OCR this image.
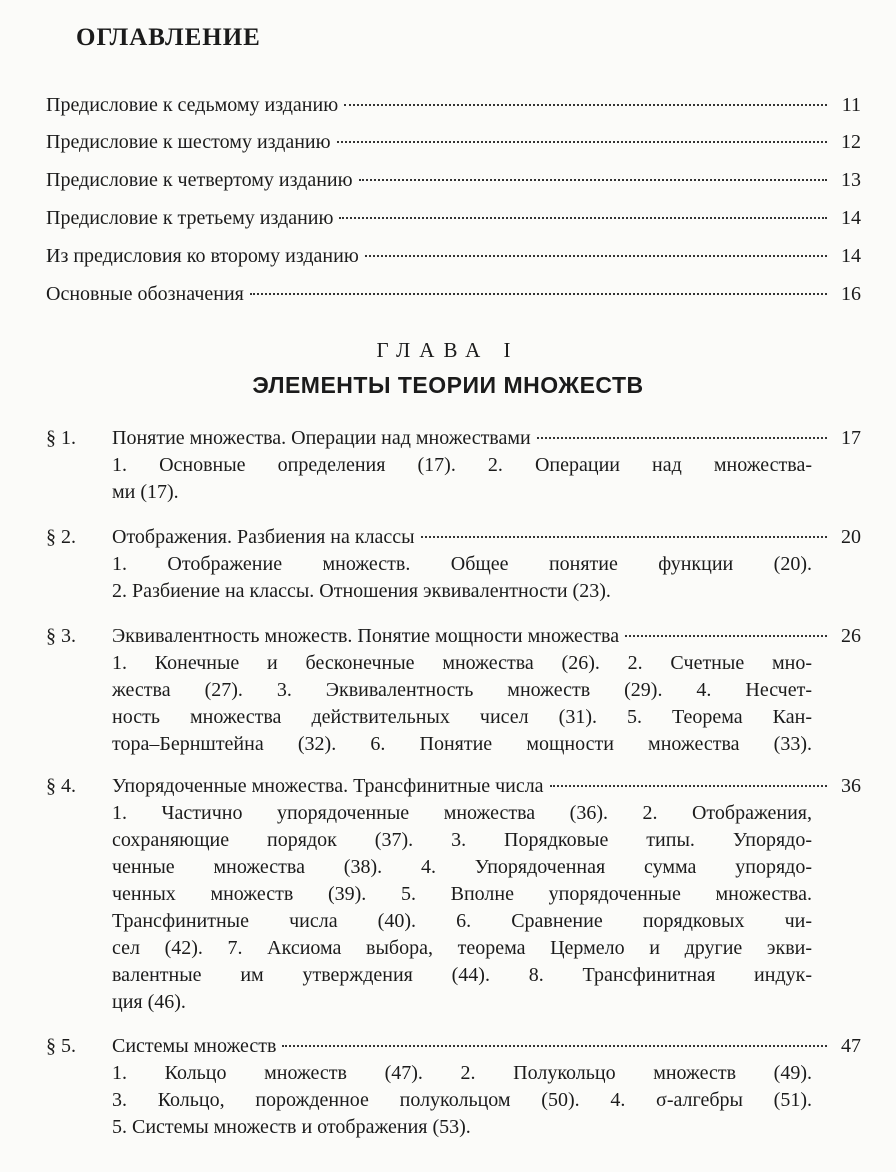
ОГЛАВЛЕНИЕ
Предисловие к седьмому изданию	11
Предисловие к шестому изданию	12
Предисловие к четвертому изданию	13
Предисловие к третьему изданию	14
Из предисловия ко второму изданию	14
Основные обозначения	16
ГЛАВА I
ЭЛЕМЕНТЫ ТЕОРИИ МНОЖЕСТВ
§ 1.	Понятие множества. Операции над множествами	17
1. Основные определения (17). 2. Операции над множества-
ми (17).
§ 2.	Отображения. Разбиения на классы	20
1. Отображение множеств. Общее понятие функции (20).
2. Разбиение на классы. Отношения эквивалентности (23).
§ 3.	Эквивалентность множеств. Понятие мощности множества	26
1. Конечные и бесконечные множества (26). 2. Счетные мно-
жества (27). 3. Эквивалентность множеств (29). 4. Несчет-
ность множества действительных чисел (31). 5. Теорема Кан-
тора–Бернштейна (32). 6. Понятие мощности множества (33).
§ 4.	Упорядоченные множества. Трансфинитные числа	36
1. Частично упорядоченные множества (36). 2. Отображения,
сохраняющие порядок (37). 3. Порядковые типы. Упорядо-
ченные множества (38). 4. Упорядоченная сумма упорядо-
ченных множеств (39). 5. Вполне упорядоченные множества.
Трансфинитные числа (40). 6. Сравнение порядковых чи-
сел (42). 7. Аксиома выбора, теорема Цермело и другие экви-
валентные им утверждения (44). 8. Трансфинитная индук-
ция (46).
§ 5.	Системы множеств	47
1. Кольцо множеств (47). 2. Полукольцо множеств (49).
3. Кольцо, порожденное полукольцом (50). 4. σ-алгебры (51).
5. Системы множеств и отображения (53).
